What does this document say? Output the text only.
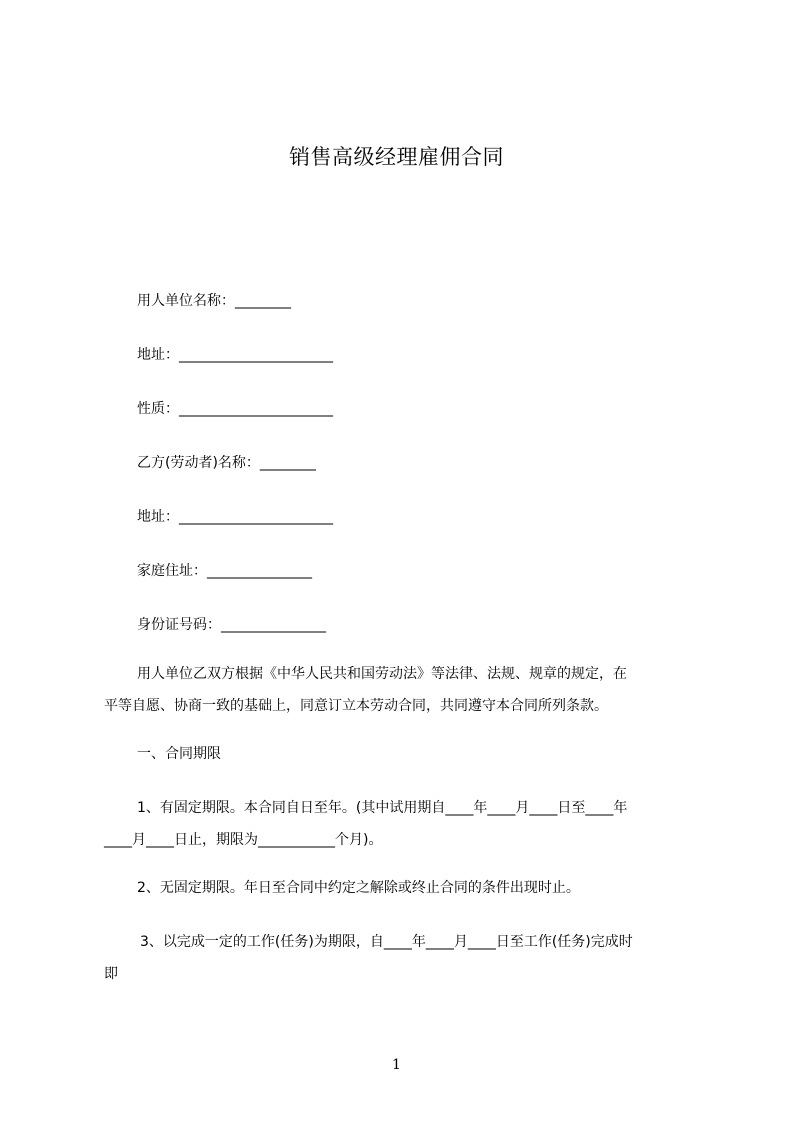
销售高级经理雇佣合同
用人单位名称：________
地址：______________________
性质：______________________
乙方(劳动者)名称：________
地址：______________________
家庭住址：_______________
身份证号码：_______________
用人单位乙双方根据《中华人民共和国劳动法》等法律、法规、规章的规定，在
平等自愿、协商一致的基础上，同意订立本劳动合同，共同遵守本合同所列条款。
一、合同期限
1、有固定期限。本合同自日至年。(其中试用期自____年____月____日至____年
____月____日止，期限为___________个月)。
2、无固定期限。年日至合同中约定之解除或终止合同的条件出现时止。
3、以完成一定的工作(任务)为期限，自____年____月____日至工作(任务)完成时
即
1
